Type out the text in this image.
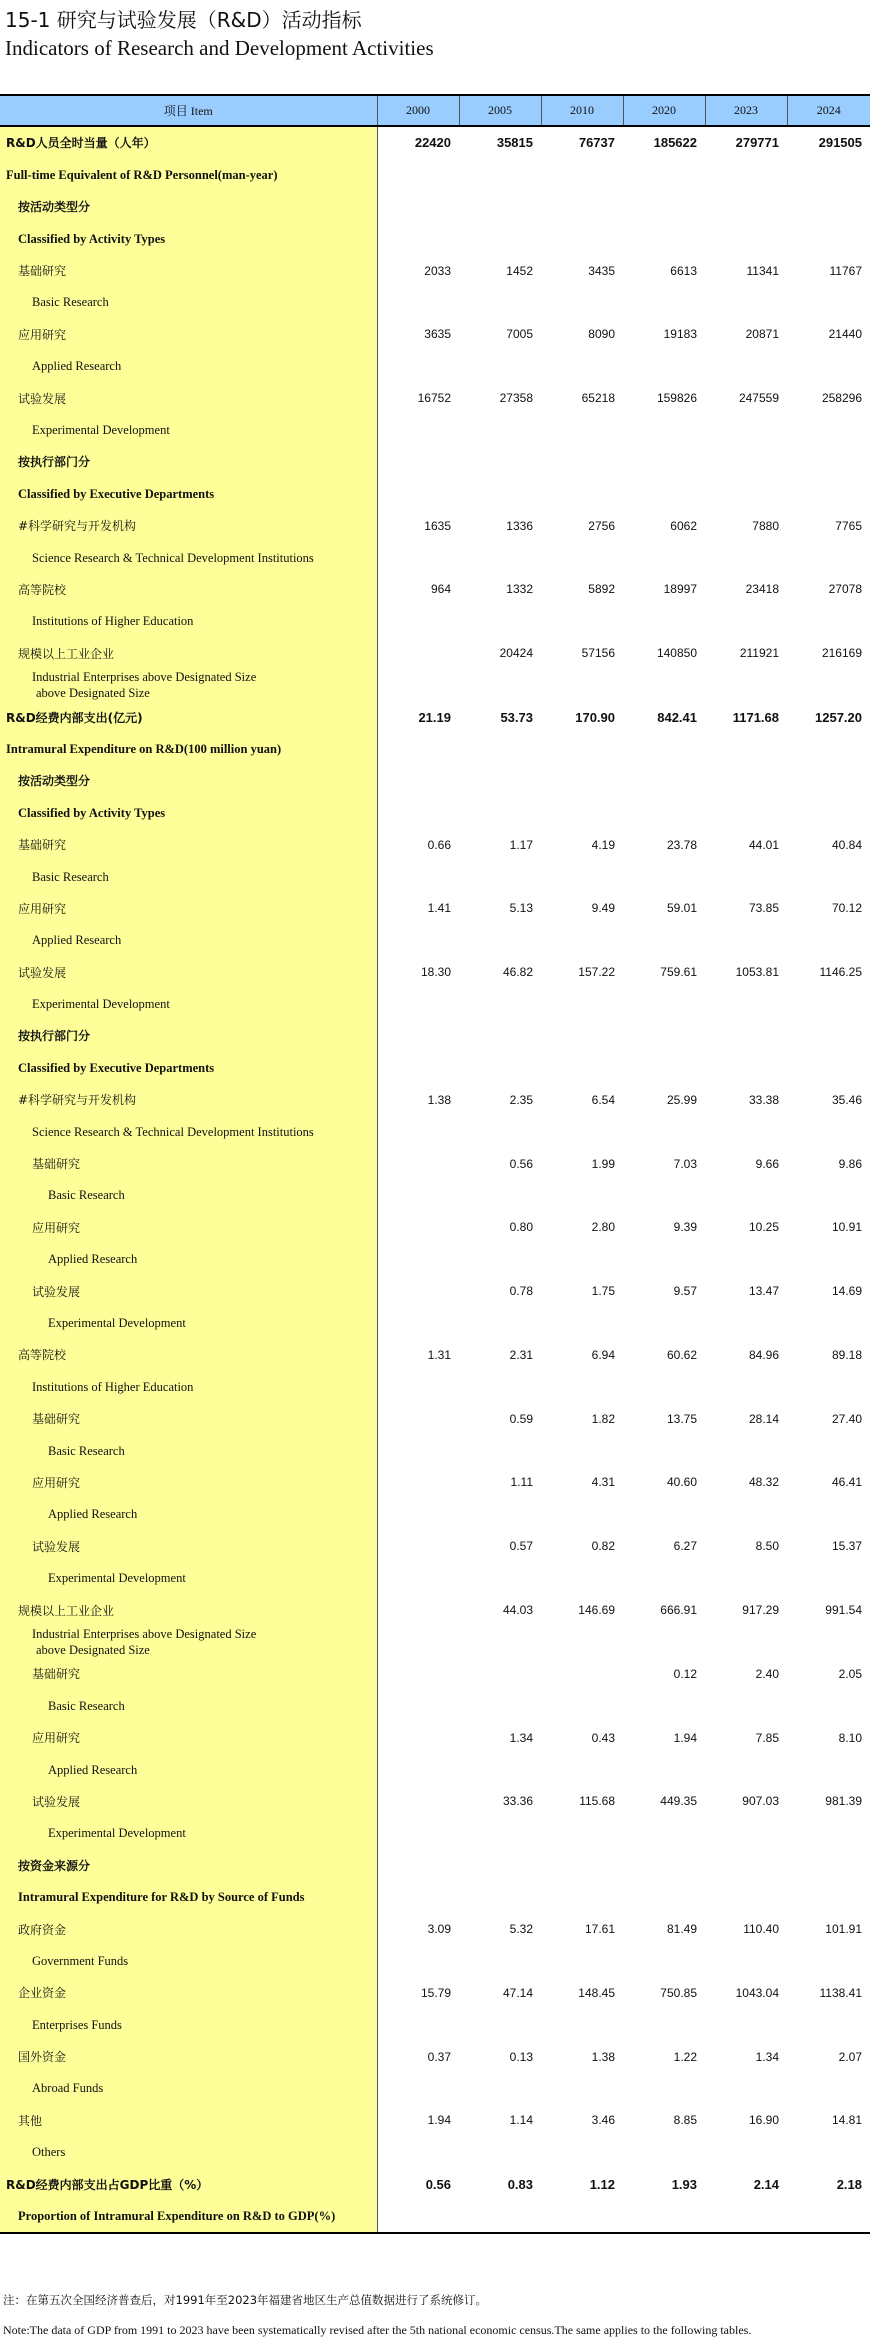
15-1 研究与试验发展（R&D）活动指标
Indicators of Research and Development Activities
项目 Item	2000	2005	2010	2020	2023	2024
R&D人员全时当量（人年）	22420	35815	76737	185622	279771	291505
Full-time Equivalent of R&D Personnel(man-year)						
按活动类型分						
Classified by Activity Types						
基础研究	2033	1452	3435	6613	11341	11767
Basic Research						
应用研究	3635	7005	8090	19183	20871	21440
Applied Research						
试验发展	16752	27358	65218	159826	247559	258296
Experimental Development						
按执行部门分						
Classified by Executive Departments						
#科学研究与开发机构	1635	1336	2756	6062	7880	7765
Science Research & Technical Development Institutions						
高等院校	964	1332	5892	18997	23418	27078
Institutions of Higher Education						
规模以上工业企业		20424	57156	140850	211921	216169

Industrial Enterprises above Designated Size
above Designated Size						

R&D经费内部支出(亿元)	21.19	53.73	170.90	842.41	1171.68	1257.20
Intramural Expenditure on R&D(100 million yuan)						
按活动类型分						
Classified by Activity Types						
基础研究	0.66	1.17	4.19	23.78	44.01	40.84
Basic Research						
应用研究	1.41	5.13	9.49	59.01	73.85	70.12
Applied Research						
试验发展	18.30	46.82	157.22	759.61	1053.81	1146.25
Experimental Development						
按执行部门分						
Classified by Executive Departments						
#科学研究与开发机构	1.38	2.35	6.54	25.99	33.38	35.46
Science Research & Technical Development Institutions						
基础研究		0.56	1.99	7.03	9.66	9.86
Basic Research						
应用研究		0.80	2.80	9.39	10.25	10.91
Applied Research						
试验发展		0.78	1.75	9.57	13.47	14.69
Experimental Development						
高等院校	1.31	2.31	6.94	60.62	84.96	89.18
Institutions of Higher Education						
基础研究		0.59	1.82	13.75	28.14	27.40
Basic Research						
应用研究		1.11	4.31	40.60	48.32	46.41
Applied Research						
试验发展		0.57	0.82	6.27	8.50	15.37
Experimental Development						
规模以上工业企业		44.03	146.69	666.91	917.29	991.54

Industrial Enterprises above Designated Size
above Designated Size						

基础研究				0.12	2.40	2.05
Basic Research						
应用研究		1.34	0.43	1.94	7.85	8.10
Applied Research						
试验发展		33.36	115.68	449.35	907.03	981.39
Experimental Development						
按资金来源分						
Intramural Expenditure for R&D by Source of Funds						
政府资金	3.09	5.32	17.61	81.49	110.40	101.91
Government Funds						
企业资金	15.79	47.14	148.45	750.85	1043.04	1138.41
Enterprises Funds						
国外资金	0.37	0.13	1.38	1.22	1.34	2.07
Abroad Funds						
其他	1.94	1.14	3.46	8.85	16.90	14.81
Others						
R&D经费内部支出占GDP比重（%）	0.56	0.83	1.12	1.93	2.14	2.18
Proportion of Intramural Expenditure on R&D to GDP(%)						
注：在第五次全国经济普查后，对1991年至2023年福建省地区生产总值数据进行了系统修订。
Note:The data of GDP from 1991 to 2023 have been systematically revised after the 5th national economic census.The same applies to the following tables.
